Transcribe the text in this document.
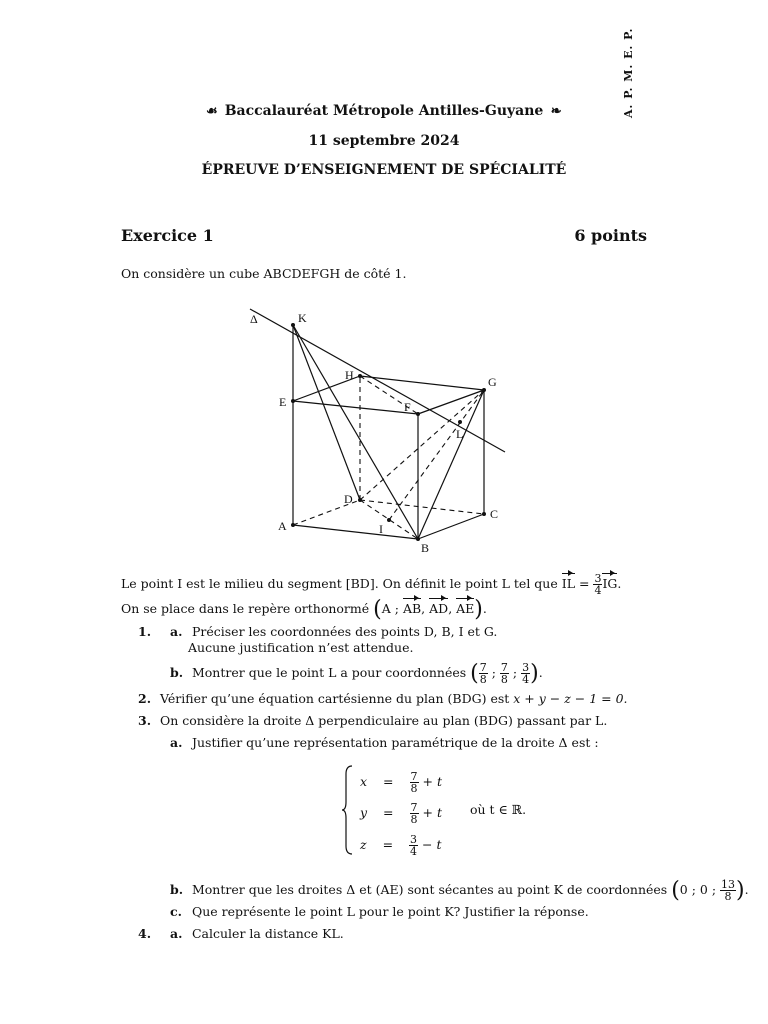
A. P. M. E. P.
☙ Baccalauréat Métropole Antilles-Guyane ❧
11 septembre 2024
ÉPREUVE D’ENSEIGNEMENT DE SPÉCIALITÉ
Exercice 1	6 points
On considère un cube ABCDEFGH de côté 1.
Δ	K
H	G
E	F
L
D
C
A	I
B
Le point I est le milieu du segment [BD]. On définit le point L tel que IL = $\frac{3}{4}$ IG.
On se place dans le repère orthonormé (A ; AB, AD, AE).
1. a. Préciser les coordonnées des points D, B, I et G.
Aucune justification n’est attendue.
b. Montrer que le point L a pour coordonnées ( $\frac{7}{8}$ ; $\frac{7}{8}$ ; $\frac{3}{4}$ ).
2. Vérifier qu’une équation cartésienne du plan (BDG) est x + y − z − 1 = 0.
3. On considère la droite Δ perpendiculaire au plan (BDG) passant par L.
a. Justifier qu’une représentation paramétrique de la droite Δ est :
$x = \frac{7}{8} + t$
$y = \frac{7}{8} + t$
$z = \frac{3}{4} - t$
où t ∈ ℝ.
b. Montrer que les droites Δ et (AE) sont sécantes au point K de coordonnées (0 ; 0 ; $\frac{13}{8}$ ).
c. Que représente le point L pour le point K? Justifier la réponse.
4. a. Calculer la distance KL.
